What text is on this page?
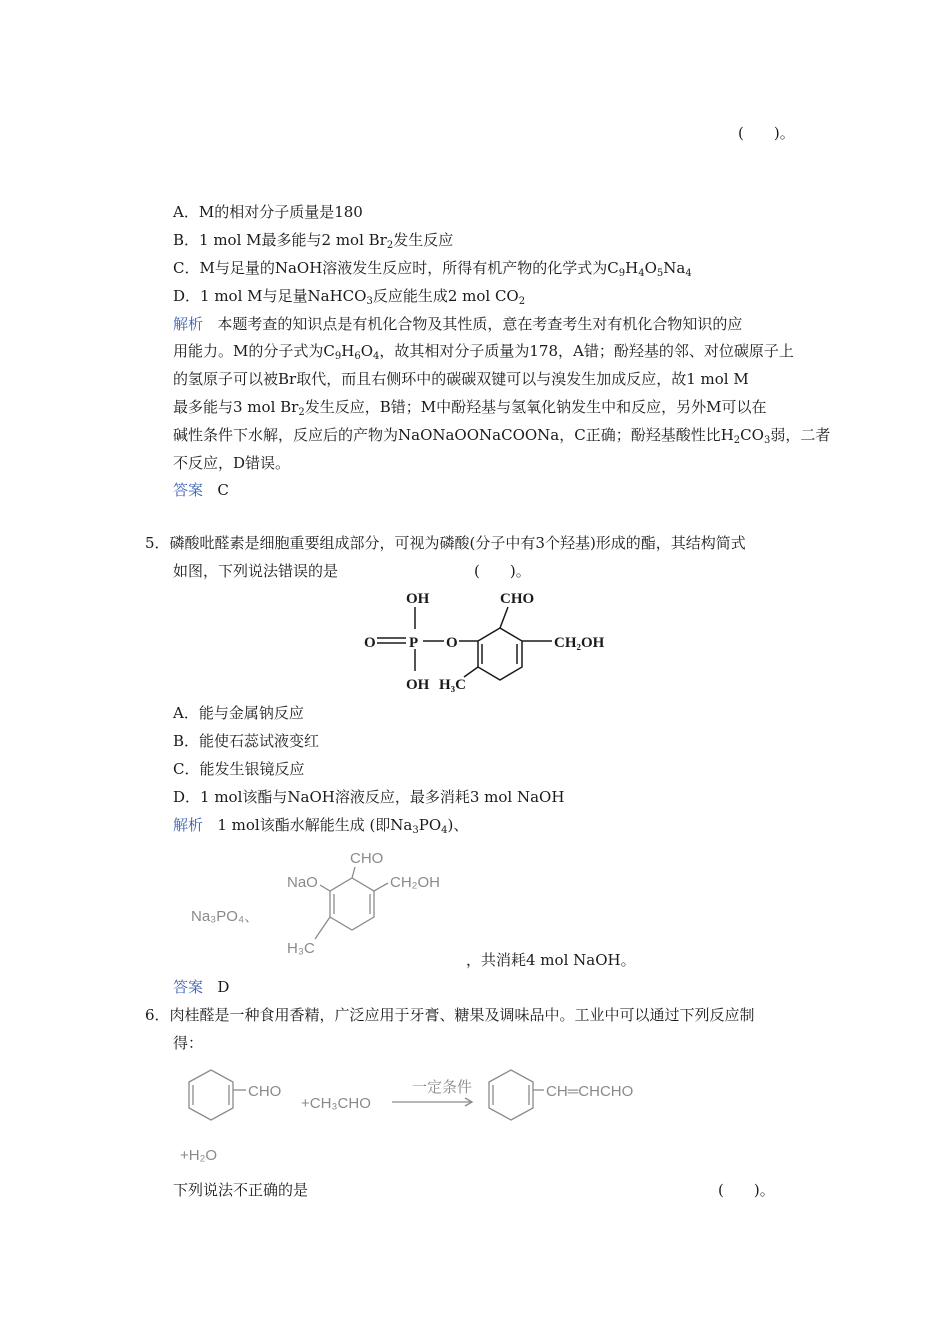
(　　)。
A．M的相对分子质量是180
B．1 mol M最多能与2 mol $Br_2$发生反应
C．M与足量的NaOH溶液发生反应时，所得有机产物的化学式为$C_9H_4O_5Na_4$
D．1 mol M与足量NaHCO$_3$反应能生成2 mol $CO_2$
解析 本题考查的知识点是有机化合物及其性质，意在考查考生对有机化合物知识的应
用能力。M的分子式为$C_9H_6O_4$，故其相对分子质量为178，A错；酚羟基的邻、对位碳原子上
的氢原子可以被Br取代，而且右侧环中的碳碳双键可以与溴发生加成反应，故1 mol M
最多能与3 mol $Br_2$发生反应，B错；M中酚羟基与氢氧化钠发生中和反应，另外M可以在
碱性条件下水解，反应后的产物为NaONaOONaCOONa，C正确；酚羟基酸性比$H_2CO_3$弱，二者
不反应，D错误。
答案 C
5．磷酸吡醛素是细胞重要组成部分，可视为磷酸(分子中有3个羟基)形成的酯，其结构简式
如图，下列说法错误的是	(　　)。
OH
O P O
OH
CHO
CH₂OH
H₃C
A．能与金属钠反应
B．能使石蕊试液变红
C．能发生银镜反应
D．1 mol该酯与NaOH溶液反应，最多消耗3 mol NaOH
解析 1 mol该酯水解能生成 (即$Na_3PO_4$)、
Na₃PO₄、
NaO
CHO
CH₂OH
H₃C
，共消耗4 mol NaOH。
答案 D
6．肉桂醛是一种食用香精，广泛应用于牙膏、糖果及调味品中。工业中可以通过下列反应制
得：
CHO
+CH₃CHO
一定条件	CH═CHCHO
+H₂O
下列说法不正确的是	(　　)。
